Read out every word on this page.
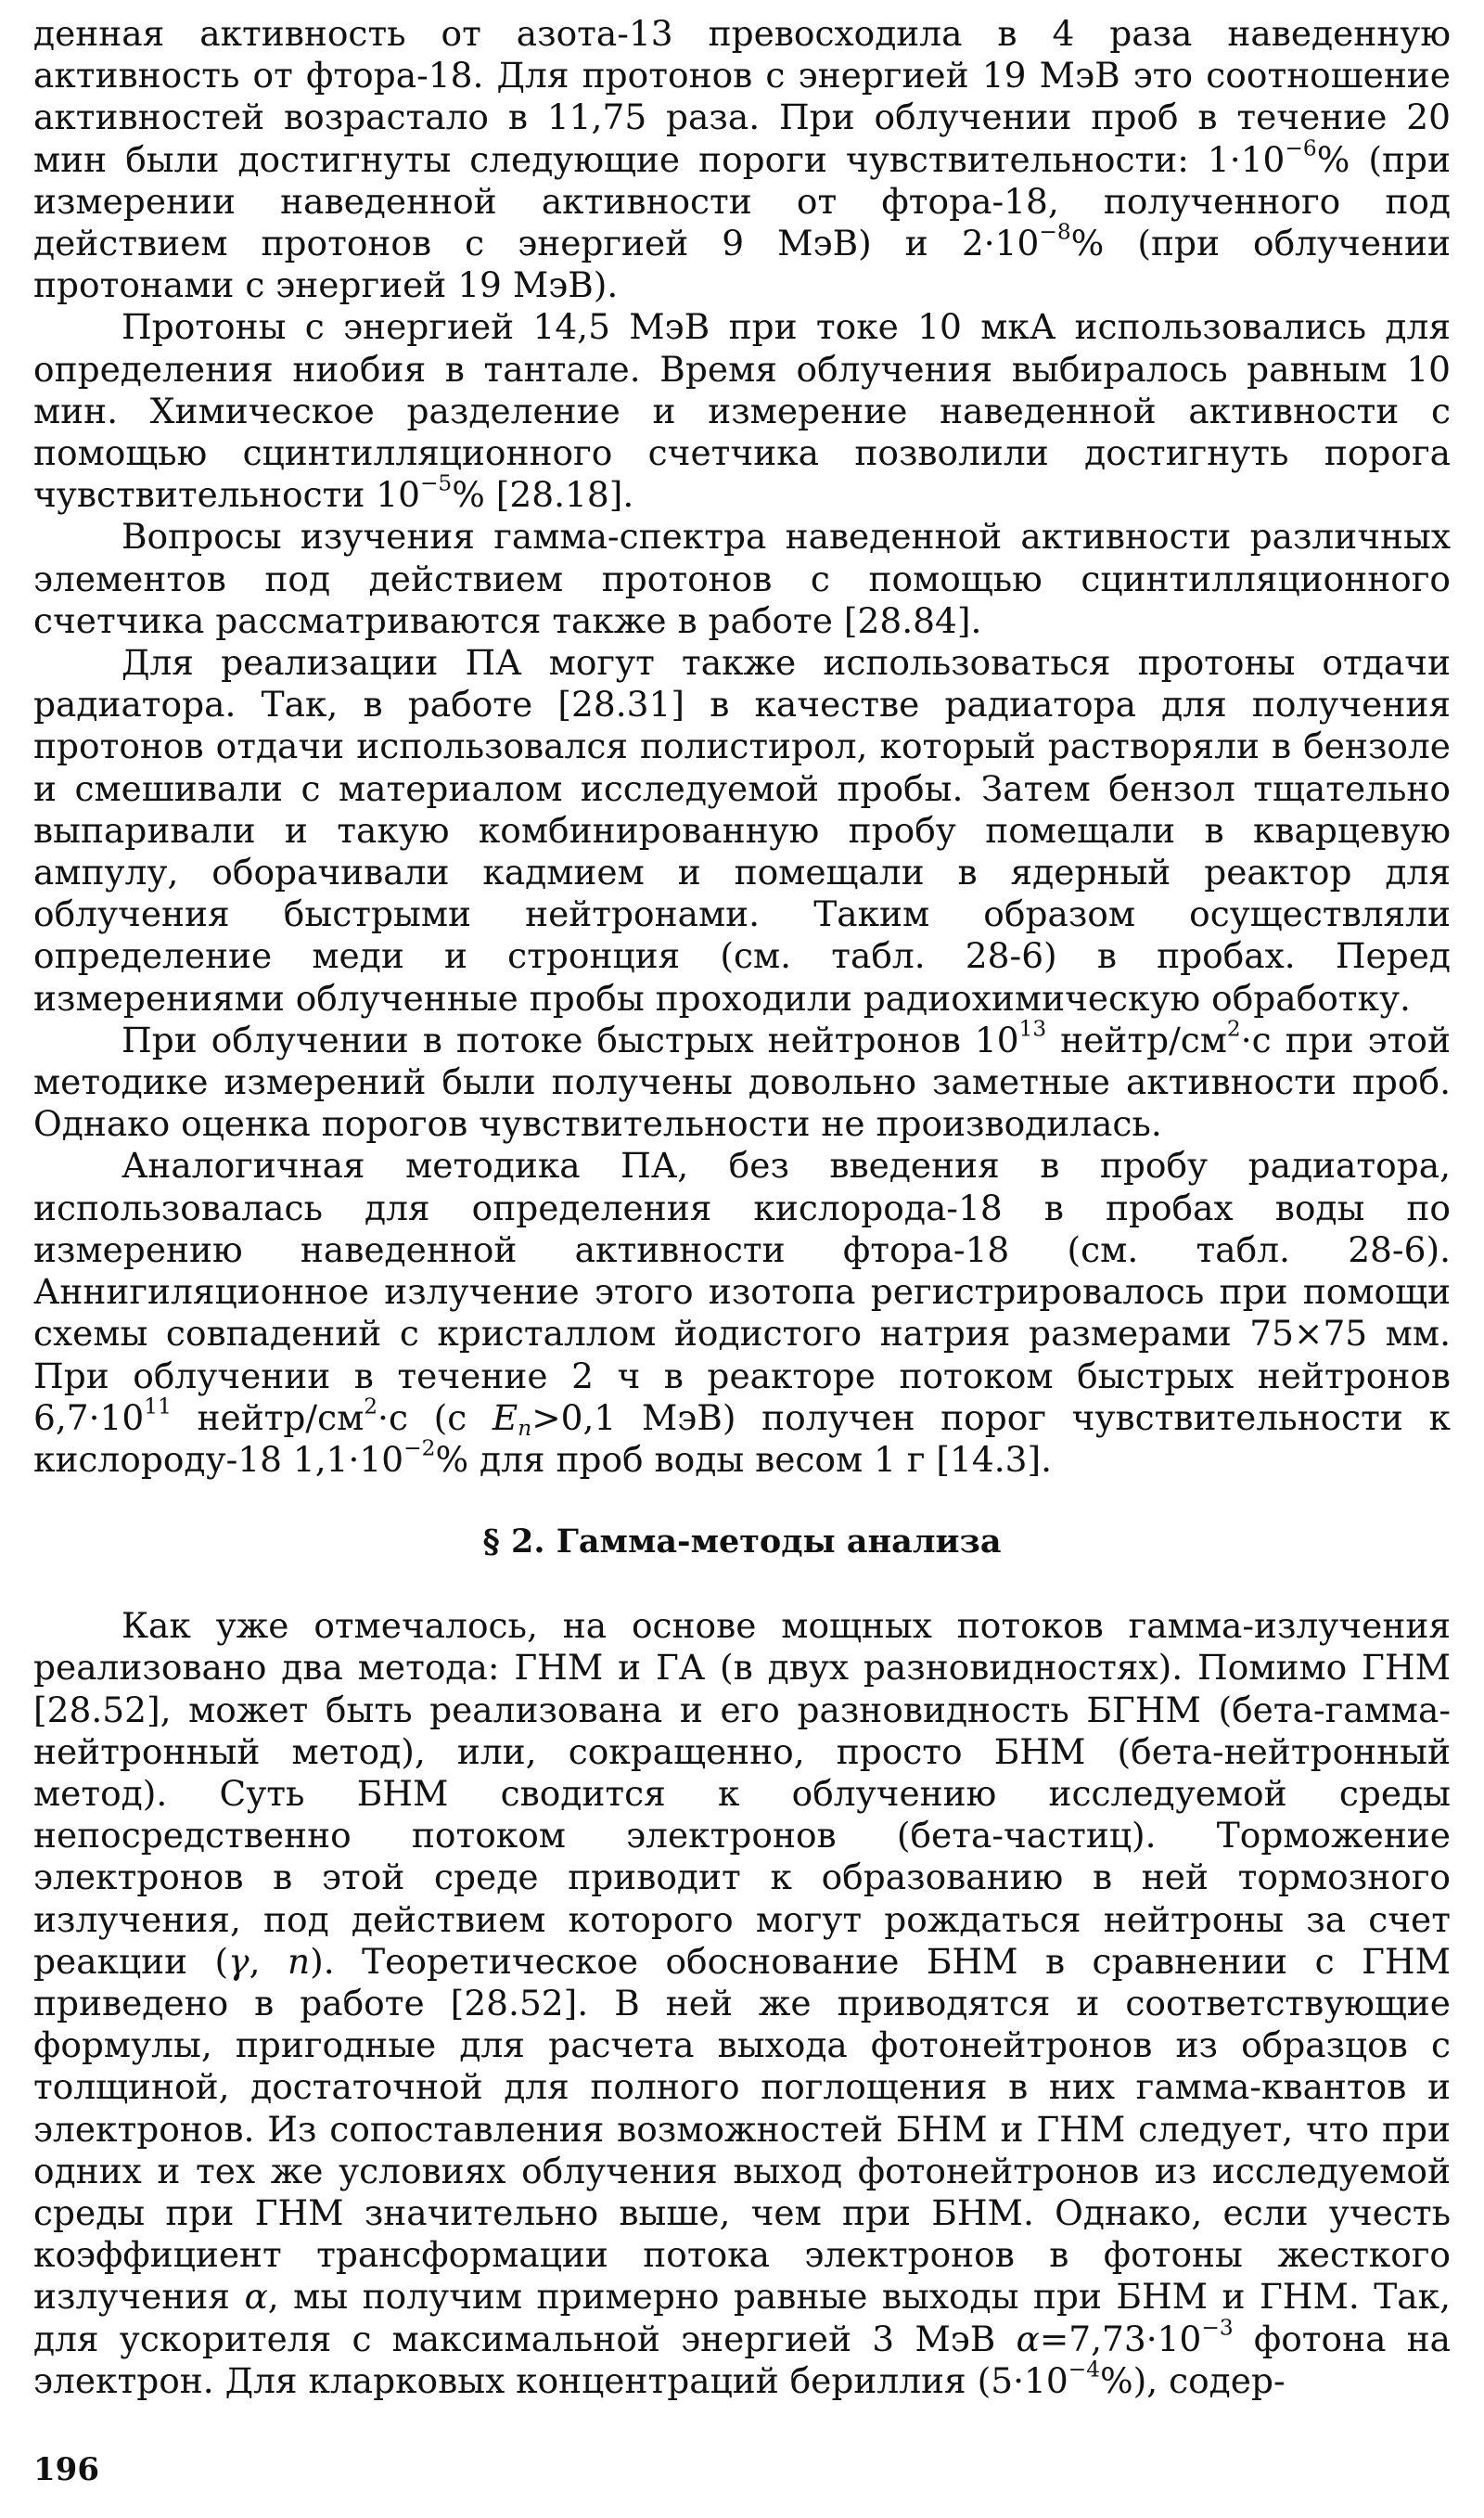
денная активность от азота-13 превосходила в 4 раза наведенную активность от фтора-18. Для протонов с энергией 19 МэВ это соотношение активностей возрастало в 11,75 раза. При облучении проб в течение 20 мин были достигнуты следующие пороги чувствительности: $1\cdot 10^{-6}\%$ (при измерении наведенной активности от фтора-18, полученного под действием протонов с энергией 9 МэВ) и $2\cdot 10^{-8}\%$ (при облучении протонами с энергией 19 МэВ).

Протоны с энергией 14,5 МэВ при токе 10 мкА использовались для определения ниобия в тантале. Время облучения выбиралось равным 10 мин. Химическое разделение и измерение наведенной активности с помощью сцинтилляционного счетчика позволили достигнуть порога чувствительности $10^{-5}\%$ [28.18].

Вопросы изучения гамма-спектра наведенной активности различных элементов под действием протонов с помощью сцинтилляционного счетчика рассматриваются также в работе [28.84].

Для реализации ПА могут также использоваться протоны отдачи радиатора. Так, в работе [28.31] в качестве радиатора для получения протонов отдачи использовался полистирол, который растворяли в бензоле и смешивали с материалом исследуемой пробы. Затем бензол тщательно выпаривали и такую комбинированную пробу помещали в кварцевую ампулу, оборачивали кадмием и помещали в ядерный реактор для облучения быстрыми нейтронами. Таким образом осуществляли определение меди и стронция (см. табл. 28-6) в пробах. Перед измерениями облученные пробы проходили радиохимическую обработку.

При облучении в потоке быстрых нейтронов $10^{13}$ нейтр/$см^2\cdot с$ при этой методике измерений были получены довольно заметные активности проб. Однако оценка порогов чувствительности не производилась.

Аналогичная методика ПА, без введения в пробу радиатора, использовалась для определения кислорода-18 в пробах воды по измерению наведенной активности фтора-18 (см. табл. 28-6). Аннигиляционное излучение этого изотопа регистрировалось при помощи схемы совпадений с кристаллом йодистого натрия размерами 75×75 мм. При облучении в течение 2 ч в реакторе потоком быстрых нейтронов $6,7\cdot 10^{11}$ нейтр/$см^2\cdot с$ (с $E_n>0,1$ МэВ) получен порог чувствительности к кислороду-18 $1,1\cdot 10^{-2}\%$ для проб воды весом 1 г [14.3].

§ 2. Гамма-методы анализа

Как уже отмечалось, на основе мощных потоков гамма-излучения реализовано два метода: ГНМ и ГА (в двух разновидностях). Помимо ГНМ [28.52], может быть реализована и его разновидность БГНМ (бета-гамма-нейтронный метод), или, сокращенно, просто БНМ (бета-нейтронный метод). Суть БНМ сводится к облучению исследуемой среды непосредственно потоком электронов (бета-частиц). Торможение электронов в этой среде приводит к образованию в ней тормозного излучения, под действием которого могут рождаться нейтроны за счет реакции (γ, n). Теоретическое обоснование БНМ в сравнении с ГНМ приведено в работе [28.52]. В ней же приводятся и соответствующие формулы, пригодные для расчета выхода фотонейтронов из образцов с толщиной, достаточной для полного поглощения в них гамма-квантов и электронов. Из сопоставления возможностей БНМ и ГНМ следует, что при одних и тех же условиях облучения выход фотонейтронов из исследуемой среды при ГНМ значительно выше, чем при БНМ. Однако, если учесть коэффициент трансформации потока электронов в фотоны жесткого излучения α, мы получим примерно равные выходы при БНМ и ГНМ. Так, для ускорителя с максимальной энергией 3 МэВ $\alpha=7,73\cdot 10^{-3}$ фотона на электрон. Для кларковых концентраций бериллия $(5\cdot 10^{-4}\%)$, содер-

196
